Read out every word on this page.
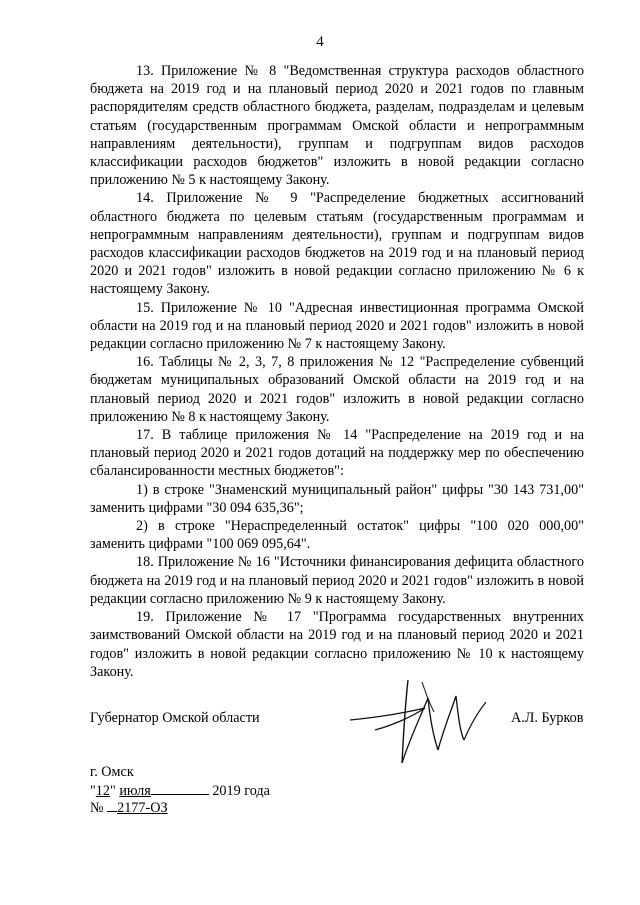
4

13. Приложение № 8 "Ведомственная структура расходов областного бюджета на 2019 год и на плановый период 2020 и 2021 годов по главным распорядителям средств областного бюджета, разделам, подразделам и целевым статьям (государственным программам Омской области и непрограммным направлениям деятельности), группам и подгруппам видов расходов классификации расходов бюджетов" изложить в новой редакции согласно приложению № 5 к настоящему Закону.

14. Приложение № 9 "Распределение бюджетных ассигнований областного бюджета по целевым статьям (государственным программам и непрограммным направлениям деятельности), группам и подгруппам видов расходов классификации расходов бюджетов на 2019 год и на плановый период 2020 и 2021 годов" изложить в новой редакции согласно приложению № 6 к настоящему Закону.

15. Приложение № 10 "Адресная инвестиционная программа Омской области на 2019 год и на плановый период 2020 и 2021 годов" изложить в новой редакции согласно приложению № 7 к настоящему Закону.

16. Таблицы № 2, 3, 7, 8 приложения № 12 "Распределение субвенций бюджетам муниципальных образований Омской области на 2019 год и на плановый период 2020 и 2021 годов" изложить в новой редакции согласно приложению № 8 к настоящему Закону.

17. В таблице приложения № 14 "Распределение на 2019 год и на плановый период 2020 и 2021 годов дотаций на поддержку мер по обеспечению сбалансированности местных бюджетов":

1) в строке "Знаменский муниципальный район" цифры "30 143 731,00" заменить цифрами "30 094 635,36";

2) в строке "Нераспределенный остаток" цифры "100 020 000,00" заменить цифрами "100 069 095,64".

18. Приложение № 16 "Источники финансирования дефицита областного бюджета на 2019 год и на плановый период 2020 и 2021 годов" изложить в новой редакции согласно приложению № 9 к настоящему Закону.

19. Приложение № 17 "Программа государственных внутренних заимствований Омской области на 2019 год и на плановый период 2020 и 2021 годов" изложить в новой редакции согласно приложению № 10 к настоящему Закону.

Губернатор Омской области	А.Л. Бурков
г. Омск
"12" июля	2019 года
№ 2177-ОЗ
